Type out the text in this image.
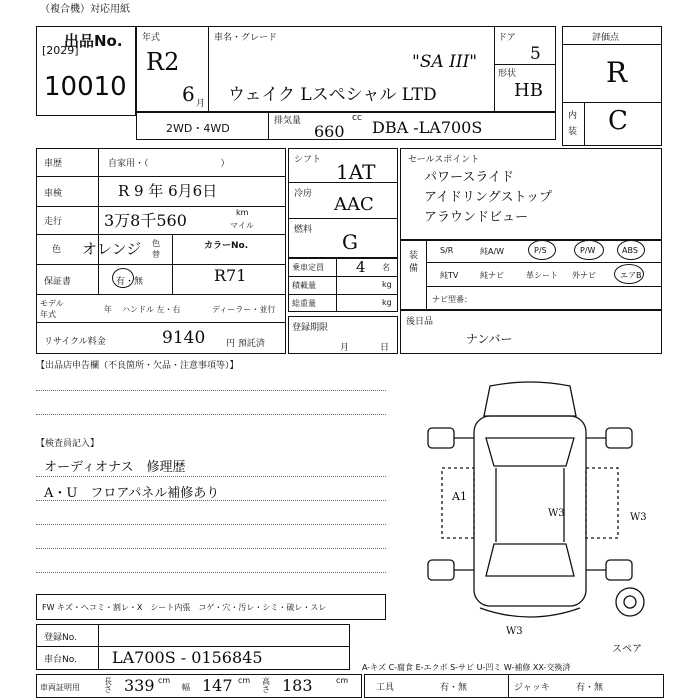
（複合機）対応用紙
出品No.
[2029]
10010
年式
R2
6 月
車名・グレード
"SA III"
ウェイク Lスペシャル LTD
ドア
5
形状
HB
2WD・4WD
排気量	cc
660 DBA -LA700S
評価点
R
内
装 C
車歴	自家用・（　　　　　　　　）
車検	R 9 年 6月6日
走行	3万8千560	km
マイル
色 オレンジ 色替
カラーNo.
R71
保証書	有・無
モデル年式
年 ハンドル 左・右	ディーラー・並行
リサイクル料金	9140 円 預託済
シフト 1AT
冷房 AAC
燃料 G
乗車定員 4 名
積載量	kg
総重量	kg
登録期限
月	日
セールスポイント
パワースライド
アイドリングストップ
アラウンドビュー
装備
S/R	純A/W	P/S	P/W	ABS
純TV	純ナビ	革シート 外ナビ	エアB
ナビ型番：
後日品
ナンバー
【出品店申告欄（不良箇所・欠品・注意事項等）】
【検査員記入】
オーディオナス　修理歴
A・U　フロアパネル補修あり
FW キズ・ヘコミ・割レ・X　シート内張　コゲ・穴・汚レ・シミ・破レ・スレ
登録No.
車台No. LA700S - 0156845
車両証明用
長さ 339 cm
幅 147 cm 高さ 183	cm
工具	有・無	ジャッキ	有・無
A-キズ C-腐食 E-エクボ S-サビ U-凹ミ W-補修 XX-交換済
A1
W3	W3
W3
スペア
